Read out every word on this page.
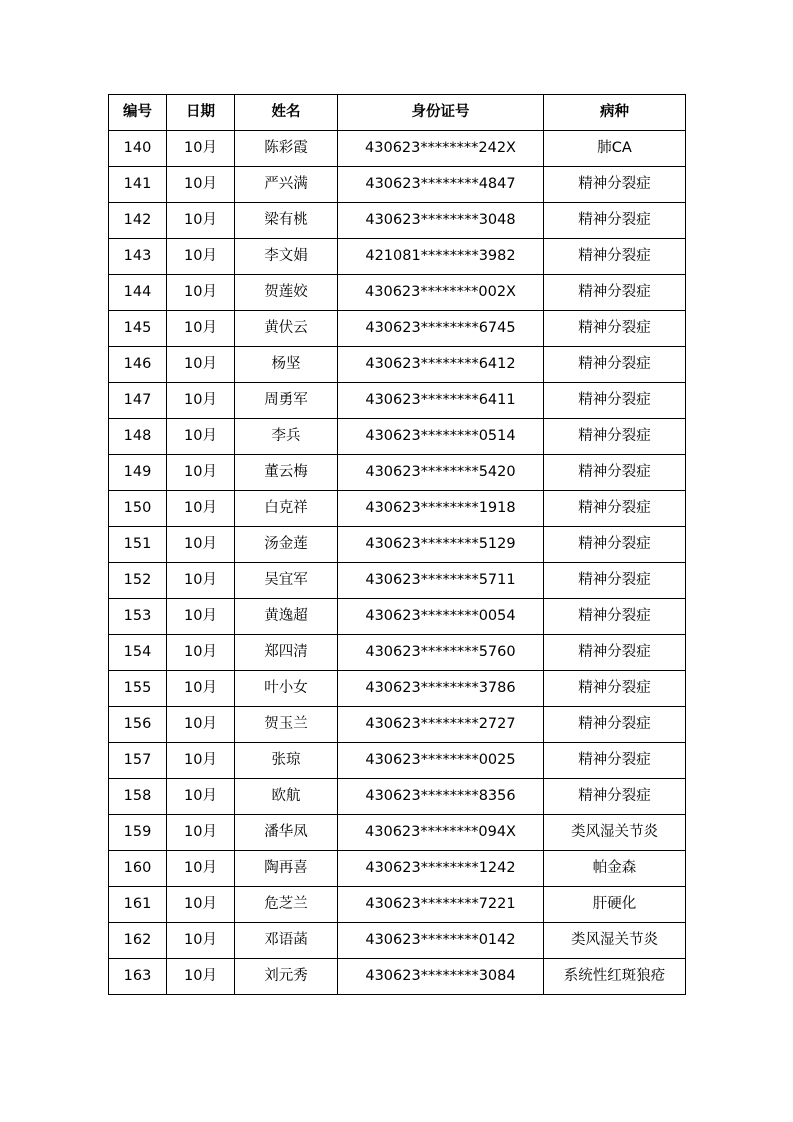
编号	日期	姓名	身份证号	病种
140	10月	陈彩霞	430623********242X	肺CA
141	10月	严兴满	430623********4847	精神分裂症
142	10月	梁有桃	430623********3048	精神分裂症
143	10月	李文娟	421081********3982	精神分裂症
144	10月	贺莲姣	430623********002X	精神分裂症
145	10月	黄伏云	430623********6745	精神分裂症
146	10月	杨坚	430623********6412	精神分裂症
147	10月	周勇军	430623********6411	精神分裂症
148	10月	李兵	430623********0514	精神分裂症
149	10月	董云梅	430623********5420	精神分裂症
150	10月	白克祥	430623********1918	精神分裂症
151	10月	汤金莲	430623********5129	精神分裂症
152	10月	吴宜军	430623********5711	精神分裂症
153	10月	黄逸超	430623********0054	精神分裂症
154	10月	郑四清	430623********5760	精神分裂症
155	10月	叶小女	430623********3786	精神分裂症
156	10月	贺玉兰	430623********2727	精神分裂症
157	10月	张琼	430623********0025	精神分裂症
158	10月	欧航	430623********8356	精神分裂症
159	10月	潘华凤	430623********094X	类风湿关节炎
160	10月	陶再喜	430623********1242	帕金森
161	10月	危芝兰	430623********7221	肝硬化
162	10月	邓语菡	430623********0142	类风湿关节炎
163	10月	刘元秀	430623********3084	系统性红斑狼疮
